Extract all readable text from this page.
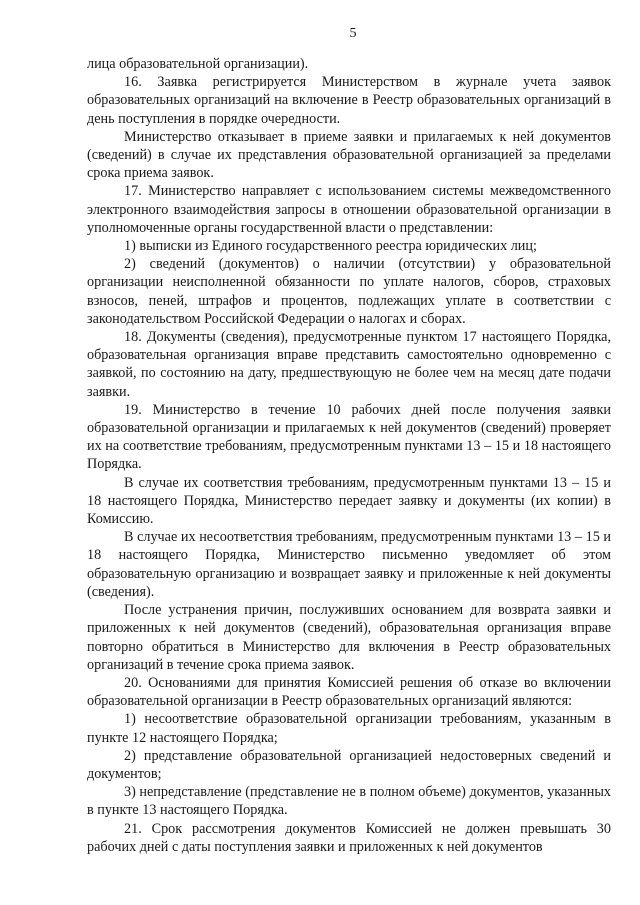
5

лица образовательной организации).

16. Заявка регистрируется Министерством в журнале учета заявок образовательных организаций на включение в Реестр образовательных организаций в день поступления в порядке очередности.

Министерство отказывает в приеме заявки и прилагаемых к ней документов (сведений) в случае их представления образовательной организацией за пределами срока приема заявок.

17. Министерство направляет с использованием системы межведомственного электронного взаимодействия запросы в отношении образовательной организации в уполномоченные органы государственной власти о представлении:

1) выписки из Единого государственного реестра юридических лиц;

2) сведений (документов) о наличии (отсутствии) у образовательной организации неисполненной обязанности по уплате налогов, сборов, страховых взносов, пеней, штрафов и процентов, подлежащих уплате в соответствии с законодательством Российской Федерации о налогах и сборах.

18. Документы (сведения), предусмотренные пунктом 17 настоящего Порядка, образовательная организация вправе представить самостоятельно одновременно с заявкой, по состоянию на дату, предшествующую не более чем на месяц дате подачи заявки.

19. Министерство в течение 10 рабочих дней после получения заявки образовательной организации и прилагаемых к ней документов (сведений) проверяет их на соответствие требованиям, предусмотренным пунктами 13 – 15 и 18 настоящего Порядка.

В случае их соответствия требованиям, предусмотренным пунктами 13 – 15 и 18 настоящего Порядка, Министерство передает заявку и документы (их копии) в Комиссию.

В случае их несоответствия требованиям, предусмотренным пунктами 13 – 15 и 18 настоящего Порядка, Министерство письменно уведомляет об этом образовательную организацию и возвращает заявку и приложенные к ней документы (сведения).

После устранения причин, послуживших основанием для возврата заявки и приложенных к ней документов (сведений), образовательная организация вправе повторно обратиться в Министерство для включения в Реестр образовательных организаций в течение срока приема заявок.

20. Основаниями для принятия Комиссией решения об отказе во включении образовательной организации в Реестр образовательных организаций являются:

1) несоответствие образовательной организации требованиям, указанным в пункте 12 настоящего Порядка;

2) представление образовательной организацией недостоверных сведений и документов;

3) непредставление (представление не в полном объеме) документов, указанных в пункте 13 настоящего Порядка.

21. Срок рассмотрения документов Комиссией не должен превышать 30 рабочих дней с даты поступления заявки и приложенных к ней документов
